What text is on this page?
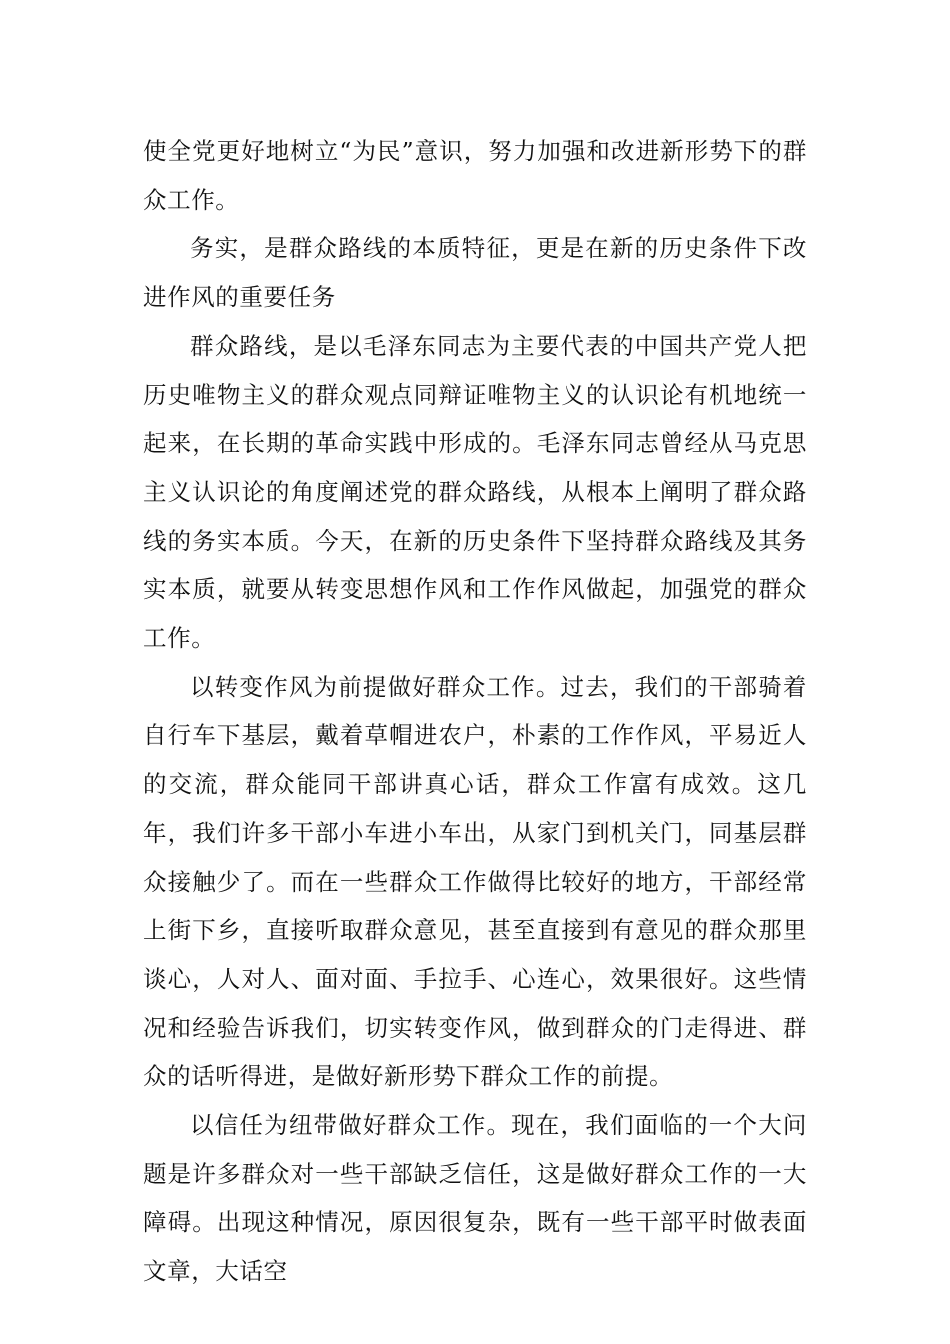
使全党更好地树立“为民”意识，努力加强和改进新形势下的群众工作。

务实，是群众路线的本质特征，更是在新的历史条件下改进作风的重要任务

群众路线，是以毛泽东同志为主要代表的中国共产党人把历史唯物主义的群众观点同辩证唯物主义的认识论有机地统一起来，在长期的革命实践中形成的。毛泽东同志曾经从马克思主义认识论的角度阐述党的群众路线，从根本上阐明了群众路线的务实本质。今天，在新的历史条件下坚持群众路线及其务实本质，就要从转变思想作风和工作作风做起，加强党的群众工作。

以转变作风为前提做好群众工作。过去，我们的干部骑着自行车下基层，戴着草帽进农户，朴素的工作作风，平易近人的交流，群众能同干部讲真心话，群众工作富有成效。这几年，我们许多干部小车进小车出，从家门到机关门，同基层群众接触少了。而在一些群众工作做得比较好的地方，干部经常上街下乡，直接听取群众意见，甚至直接到有意见的群众那里谈心，人对人、面对面、手拉手、心连心，效果很好。这些情况和经验告诉我们，切实转变作风，做到群众的门走得进、群众的话听得进，是做好新形势下群众工作的前提。

以信任为纽带做好群众工作。现在，我们面临的一个大问题是许多群众对一些干部缺乏信任，这是做好群众工作的一大障碍。出现这种情况，原因很复杂，既有一些干部平时做表面文章，大话空
